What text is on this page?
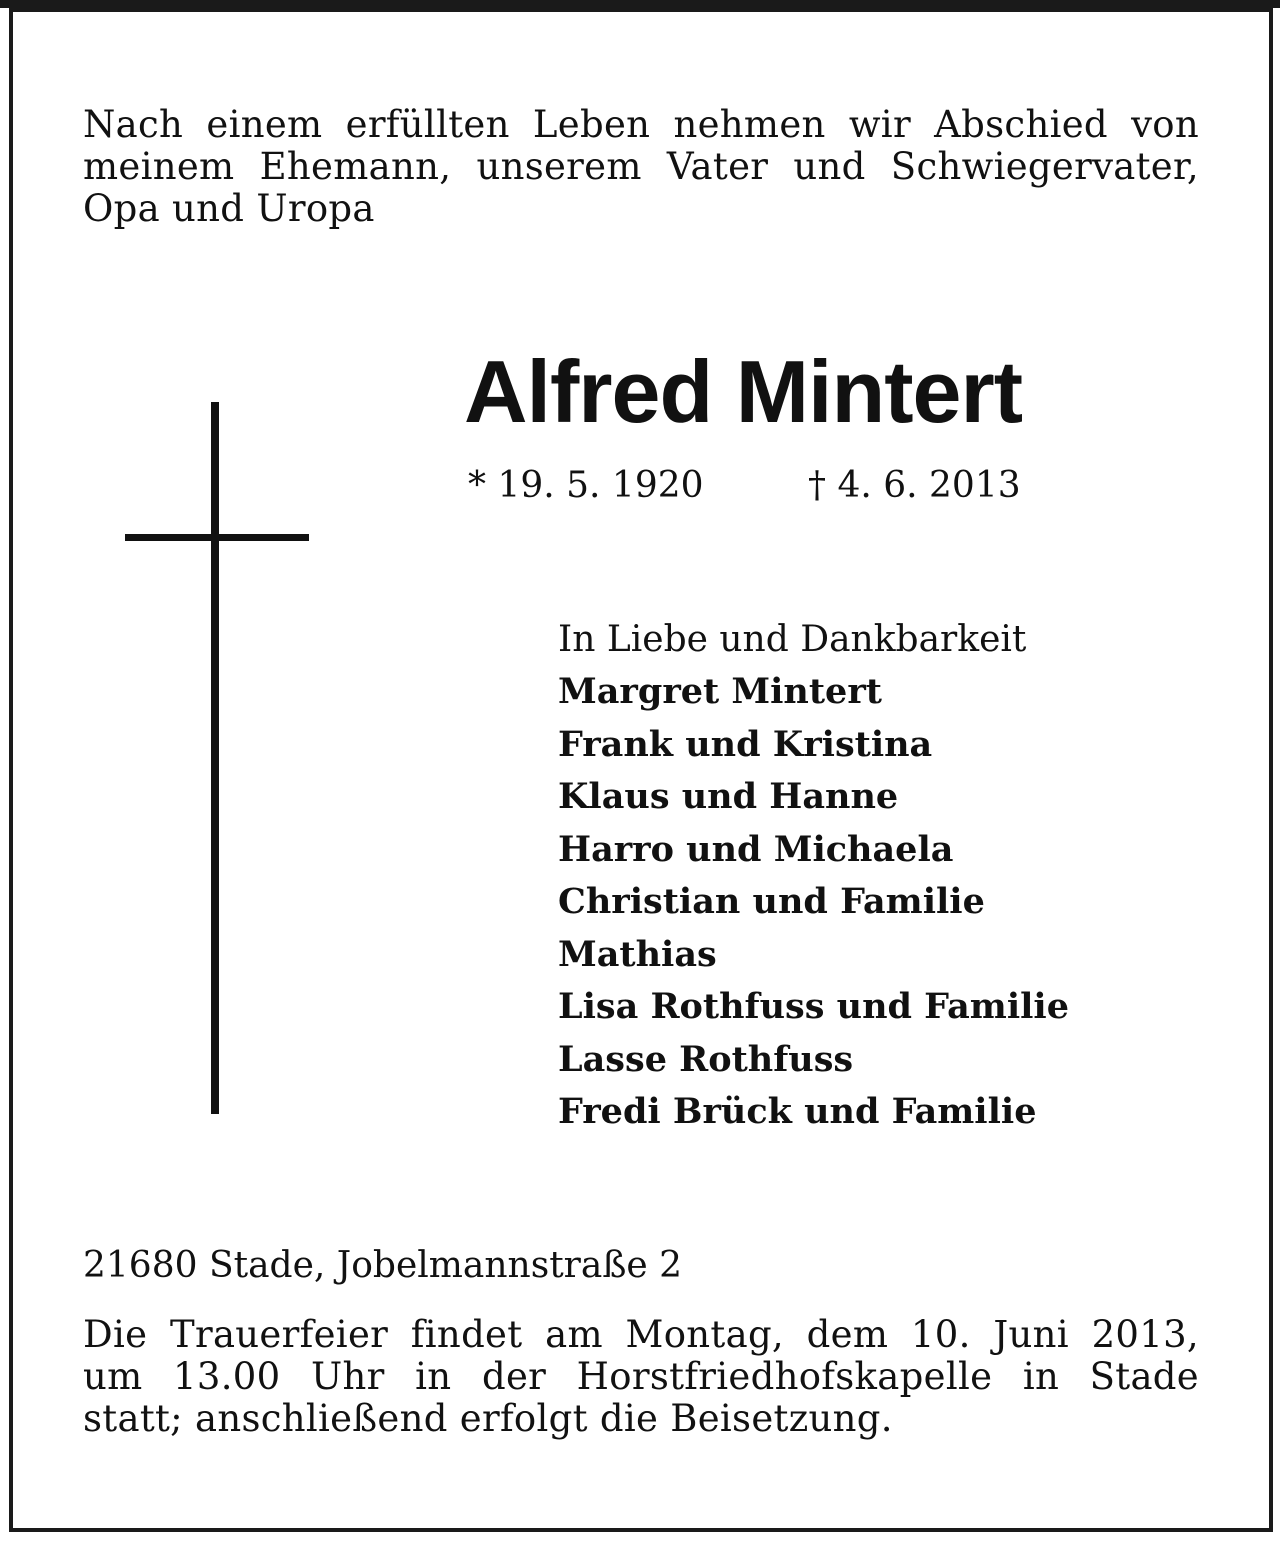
Nach einem erfüllten Leben nehmen wir Abschied von
meinem Ehemann, unserem Vater und Schwiegervater,
Opa und Uropa

Alfred Mintert
* 19. 5. 1920	† 4. 6. 2013

In Liebe und Dankbarkeit

Margret Mintert
Frank und Kristina
Klaus und Hanne
Harro und Michaela
Christian und Familie
Mathias
Lisa Rothfuss und Familie
Lasse Rothfuss
Fredi Brück und Familie
21680 Stade, Jobelmannstraße 2

Die Trauerfeier findet am Montag, dem 10. Juni 2013,
um 13.00 Uhr in der Horstfriedhofskapelle in Stade
statt; anschließend erfolgt die Beisetzung.
